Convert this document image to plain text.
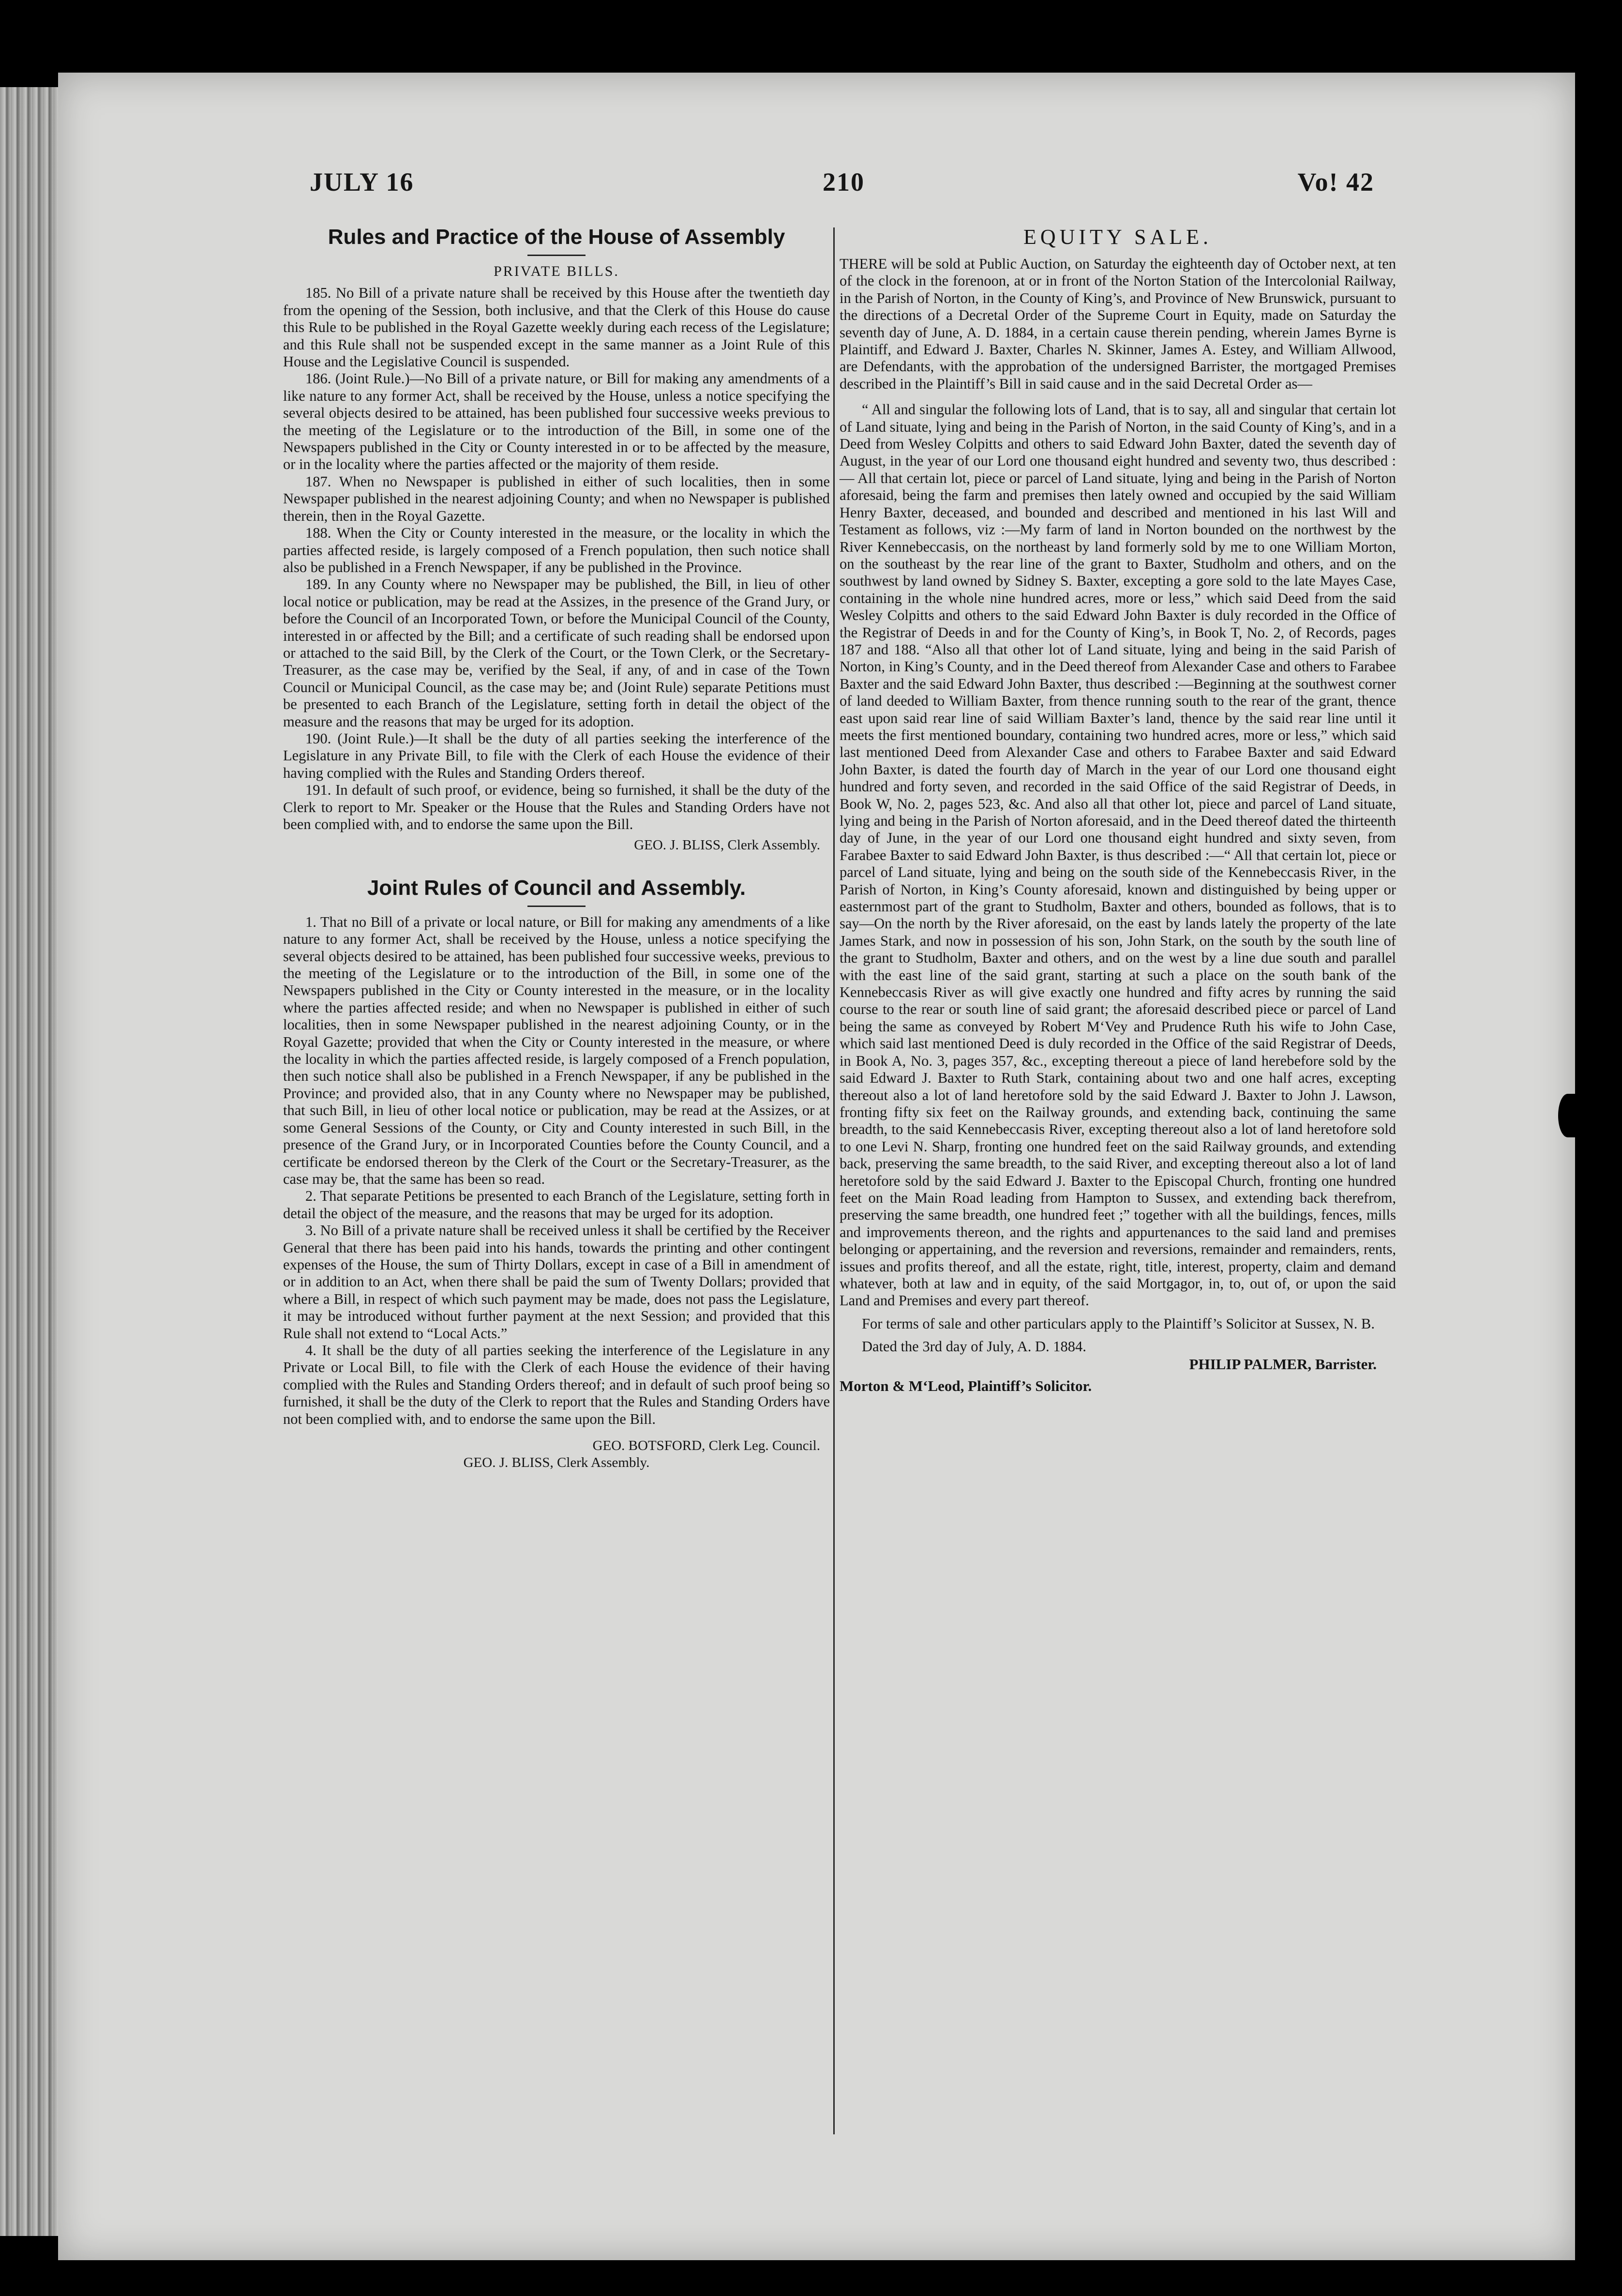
JULY 16	210	Vo! 42
Rules and Practice of the House of Assembly
PRIVATE BILLS.

185. No Bill of a private nature shall be received by this House after the twentieth day from the opening of the Session, both inclusive, and that the Clerk of this House do cause this Rule to be published in the Royal Gazette weekly during each recess of the Legislature; and this Rule shall not be suspended except in the same manner as a Joint Rule of this House and the Legislative Council is suspended.

186. (Joint Rule.)—No Bill of a private nature, or Bill for making any amendments of a like nature to any former Act, shall be received by the House, unless a notice specifying the several objects desired to be attained, has been published four successive weeks previous to the meeting of the Legislature or to the introduction of the Bill, in some one of the Newspapers published in the City or County interested in or to be affected by the measure, or in the locality where the parties affected or the majority of them reside.

187. When no Newspaper is published in either of such localities, then in some Newspaper published in the nearest adjoining County; and when no Newspaper is published therein, then in the Royal Gazette.

188. When the City or County interested in the measure, or the locality in which the parties affected reside, is largely composed of a French population, then such notice shall also be published in a French Newspaper, if any be published in the Province.

189. In any County where no Newspaper may be published, the Bill, in lieu of other local notice or publication, may be read at the Assizes, in the presence of the Grand Jury, or before the Council of an Incorporated Town, or before the Municipal Council of the County, interested in or affected by the Bill; and a certificate of such reading shall be endorsed upon or attached to the said Bill, by the Clerk of the Court, or the Town Clerk, or the Secretary-Treasurer, as the case may be, verified by the Seal, if any, of and in case of the Town Council or Municipal Council, as the case may be; and (Joint Rule) separate Petitions must be presented to each Branch of the Legislature, setting forth in detail the object of the measure and the reasons that may be urged for its adoption.

190. (Joint Rule.)—It shall be the duty of all parties seeking the interference of the Legislature in any Private Bill, to file with the Clerk of each House the evidence of their having complied with the Rules and Standing Orders thereof.

191. In default of such proof, or evidence, being so furnished, it shall be the duty of the Clerk to report to Mr. Speaker or the House that the Rules and Standing Orders have not been complied with, and to endorse the same upon the Bill.

GEO. J. BLISS, Clerk Assembly.
Joint Rules of Council and Assembly.

1. That no Bill of a private or local nature, or Bill for making any amendments of a like nature to any former Act, shall be received by the House, unless a notice specifying the several objects desired to be attained, has been published four successive weeks, previous to the meeting of the Legislature or to the introduction of the Bill, in some one of the Newspapers published in the City or County interested in the measure, or in the locality where the parties affected reside; and when no Newspaper is published in either of such localities, then in some Newspaper published in the nearest adjoining County, or in the Royal Gazette; provided that when the City or County interested in the measure, or where the locality in which the parties affected reside, is largely composed of a French population, then such notice shall also be published in a French Newspaper, if any be published in the Province; and provided also, that in any County where no Newspaper may be published, that such Bill, in lieu of other local notice or publication, may be read at the Assizes, or at some General Sessions of the County, or City and County interested in such Bill, in the presence of the Grand Jury, or in Incorporated Counties before the County Council, and a certificate be endorsed thereon by the Clerk of the Court or the Secretary-Treasurer, as the case may be, that the same has been so read.

2. That separate Petitions be presented to each Branch of the Legislature, setting forth in detail the object of the measure, and the reasons that may be urged for its adoption.

3. No Bill of a private nature shall be received unless it shall be certified by the Receiver General that there has been paid into his hands, towards the printing and other contingent expenses of the House, the sum of Thirty Dollars, except in case of a Bill in amendment of or in addition to an Act, when there shall be paid the sum of Twenty Dollars; provided that where a Bill, in respect of which such payment may be made, does not pass the Legislature, it may be introduced without further payment at the next Session; and provided that this Rule shall not extend to “Local Acts.”

4. It shall be the duty of all parties seeking the interference of the Legislature in any Private or Local Bill, to file with the Clerk of each House the evidence of their having complied with the Rules and Standing Orders thereof; and in default of such proof being so furnished, it shall be the duty of the Clerk to report that the Rules and Standing Orders have not been complied with, and to endorse the same upon the Bill.

GEO. BOTSFORD, Clerk Leg. Council.
GEO. J. BLISS, Clerk Assembly.
EQUITY SALE.

THERE will be sold at Public Auction, on Saturday the eighteenth day of October next, at ten of the clock in the forenoon, at or in front of the Norton Station of the Intercolonial Railway, in the Parish of Norton, in the County of King’s, and Province of New Brunswick, pursuant to the directions of a Decretal Order of the Supreme Court in Equity, made on Saturday the seventh day of June, A. D. 1884, in a certain cause therein pending, wherein James Byrne is Plaintiff, and Edward J. Baxter, Charles N. Skinner, James A. Estey, and William Allwood, are Defendants, with the approbation of the undersigned Barrister, the mortgaged Premises described in the Plaintiff’s Bill in said cause and in the said Decretal Order as—

“ All and singular the following lots of Land, that is to say, all and singular that certain lot of Land situate, lying and being in the Parish of Norton, in the said County of King’s, and in a Deed from Wesley Colpitts and others to said Edward John Baxter, dated the seventh day of August, in the year of our Lord one thousand eight hundred and seventy two, thus described :— All that certain lot, piece or parcel of Land situate, lying and being in the Parish of Norton aforesaid, being the farm and premises then lately owned and occupied by the said William Henry Baxter, deceased, and bounded and described and mentioned in his last Will and Testament as follows, viz :—My farm of land in Norton bounded on the northwest by the River Kennebeccasis, on the northeast by land formerly sold by me to one William Morton, on the southeast by the rear line of the grant to Baxter, Studholm and others, and on the southwest by land owned by Sidney S. Baxter, excepting a gore sold to the late Mayes Case, containing in the whole nine hundred acres, more or less,” which said Deed from the said Wesley Colpitts and others to the said Edward John Baxter is duly recorded in the Office of the Registrar of Deeds in and for the County of King’s, in Book T, No. 2, of Records, pages 187 and 188. “Also all that other lot of Land situate, lying and being in the said Parish of Norton, in King’s County, and in the Deed thereof from Alexander Case and others to Farabee Baxter and the said Edward John Baxter, thus described :—Beginning at the southwest corner of land deeded to William Baxter, from thence running south to the rear of the grant, thence east upon said rear line of said William Baxter’s land, thence by the said rear line until it meets the first mentioned boundary, containing two hundred acres, more or less,” which said last mentioned Deed from Alexander Case and others to Farabee Baxter and said Edward John Baxter, is dated the fourth day of March in the year of our Lord one thousand eight hundred and forty seven, and recorded in the said Office of the said Registrar of Deeds, in Book W, No. 2, pages 523, &c. And also all that other lot, piece and parcel of Land situate, lying and being in the Parish of Norton aforesaid, and in the Deed thereof dated the thirteenth day of June, in the year of our Lord one thousand eight hundred and sixty seven, from Farabee Baxter to said Edward John Baxter, is thus described :—“ All that certain lot, piece or parcel of Land situate, lying and being on the south side of the Kennebeccasis River, in the Parish of Norton, in King’s County aforesaid, known and distinguished by being upper or easternmost part of the grant to Studholm, Baxter and others, bounded as follows, that is to say—On the north by the River aforesaid, on the east by lands lately the property of the late James Stark, and now in possession of his son, John Stark, on the south by the south line of the grant to Studholm, Baxter and others, and on the west by a line due south and parallel with the east line of the said grant, starting at such a place on the south bank of the Kennebeccasis River as will give exactly one hundred and fifty acres by running the said course to the rear or south line of said grant; the aforesaid described piece or parcel of Land being the same as conveyed by Robert M‘Vey and Prudence Ruth his wife to John Case, which said last mentioned Deed is duly recorded in the Office of the said Registrar of Deeds, in Book A, No. 3, pages 357, &c., excepting thereout a piece of land herebefore sold by the said Edward J. Baxter to Ruth Stark, containing about two and one half acres, excepting thereout also a lot of land heretofore sold by the said Edward J. Baxter to John J. Lawson, fronting fifty six feet on the Railway grounds, and extending back, continuing the same breadth, to the said Kennebeccasis River, excepting thereout also a lot of land heretofore sold to one Levi N. Sharp, fronting one hundred feet on the said Railway grounds, and extending back, preserving the same breadth, to the said River, and excepting thereout also a lot of land heretofore sold by the said Edward J. Baxter to the Episcopal Church, fronting one hundred feet on the Main Road leading from Hampton to Sussex, and extending back therefrom, preserving the same breadth, one hundred feet ;” together with all the buildings, fences, mills and improvements thereon, and the rights and appurtenances to the said land and premises belonging or appertaining, and the reversion and reversions, remainder and remainders, rents, issues and profits thereof, and all the estate, right, title, interest, property, claim and demand whatever, both at law and in equity, of the said Mortgagor, in, to, out of, or upon the said Land and Premises and every part thereof.

For terms of sale and other particulars apply to the Plaintiff’s Solicitor at Sussex, N. B.

Dated the 3rd day of July, A. D. 1884.

PHILIP PALMER, Barrister.
Morton & M‘Leod, Plaintiff’s Solicitor.
